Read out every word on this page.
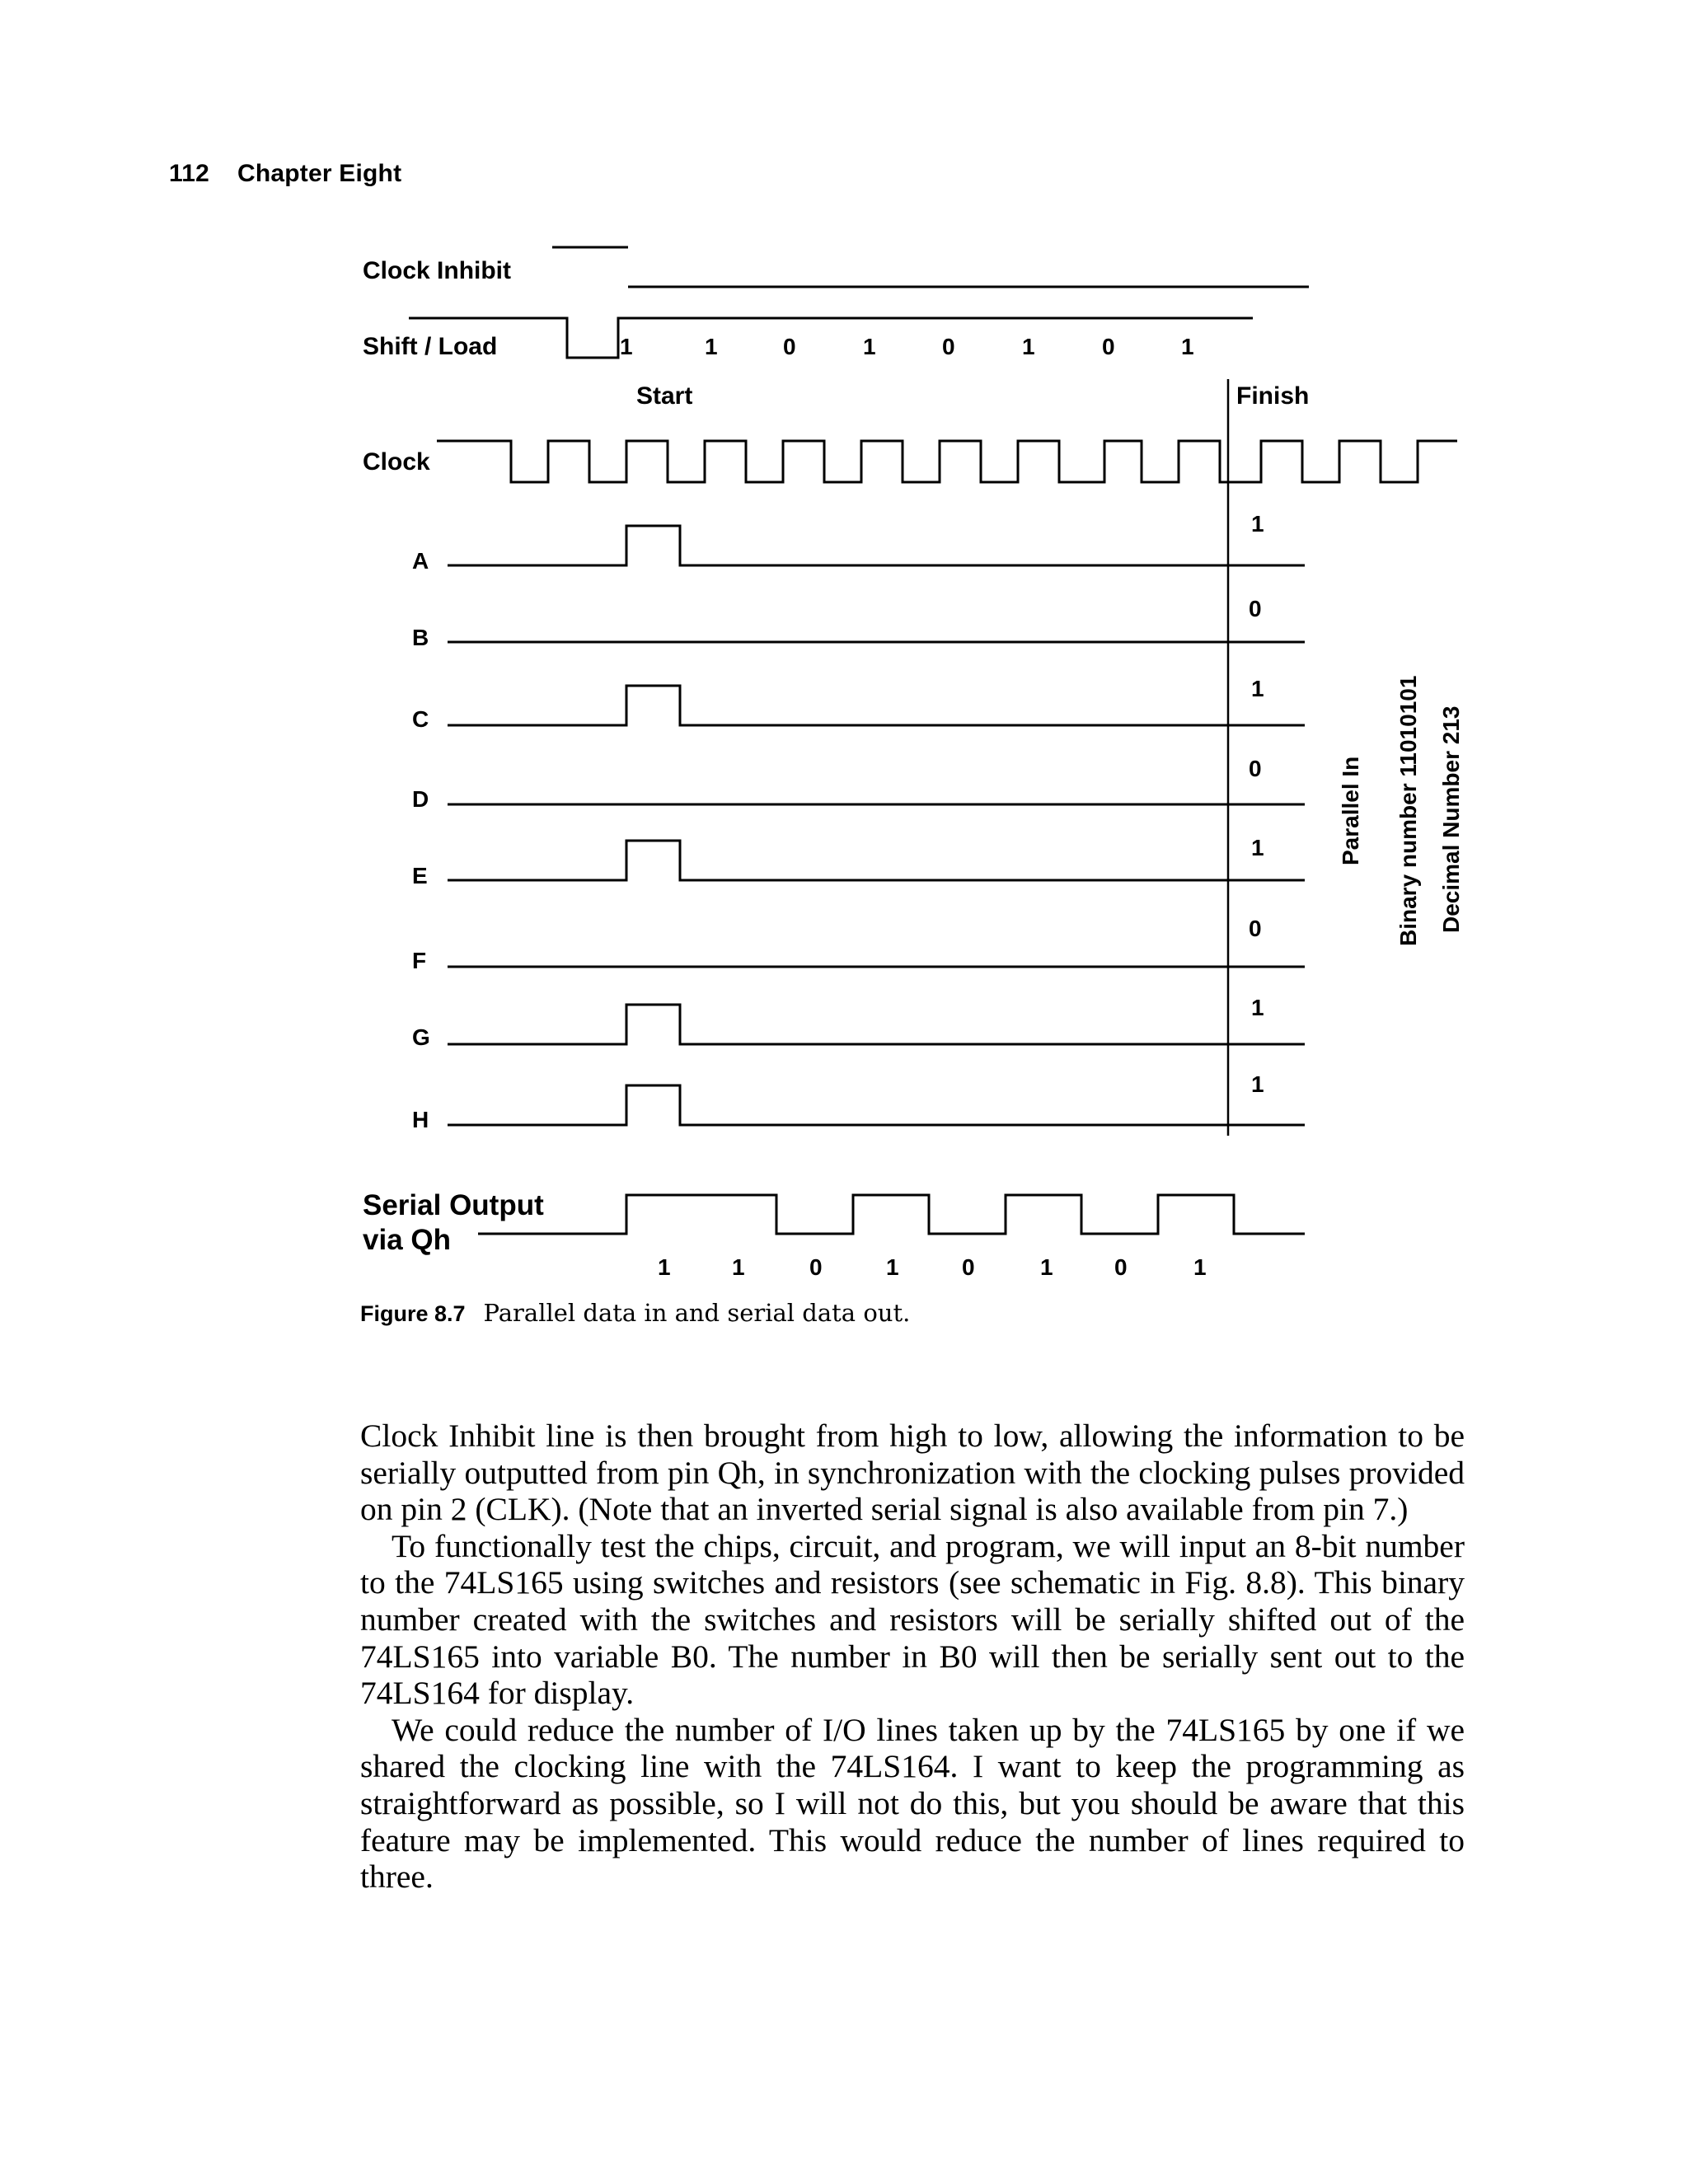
112 Chapter Eight
Clock Inhibit
Shift / Load
Clock
A
B
C
D
E
F
G
H
Serial Output
via Qh
1	1	0	1	0	1	0	1
Start	Finish
1
0
1
0
1
0
1
1
Parallel In Binary number 11010101 Decimal Number 213
1	1	0	1	0	1	0	1
Figure 8.7 Parallel data in and serial data out.

Clock Inhibit line is then brought from high to low, allowing the information to be serially outputted from pin Qh, in synchronization with the clocking pulses provided on pin 2 (CLK). (Note that an inverted serial signal is also available from pin 7.)

To functionally test the chips, circuit, and program, we will input an 8-bit number to the 74LS165 using switches and resistors (see schematic in Fig. 8.8). This binary number created with the switches and resistors will be serially shifted out of the 74LS165 into variable B0. The number in B0 will then be serially sent out to the 74LS164 for display.

We could reduce the number of I/O lines taken up by the 74LS165 by one if we shared the clocking line with the 74LS164. I want to keep the programming as straightforward as possible, so I will not do this, but you should be aware that this feature may be implemented. This would reduce the number of lines required to three.
